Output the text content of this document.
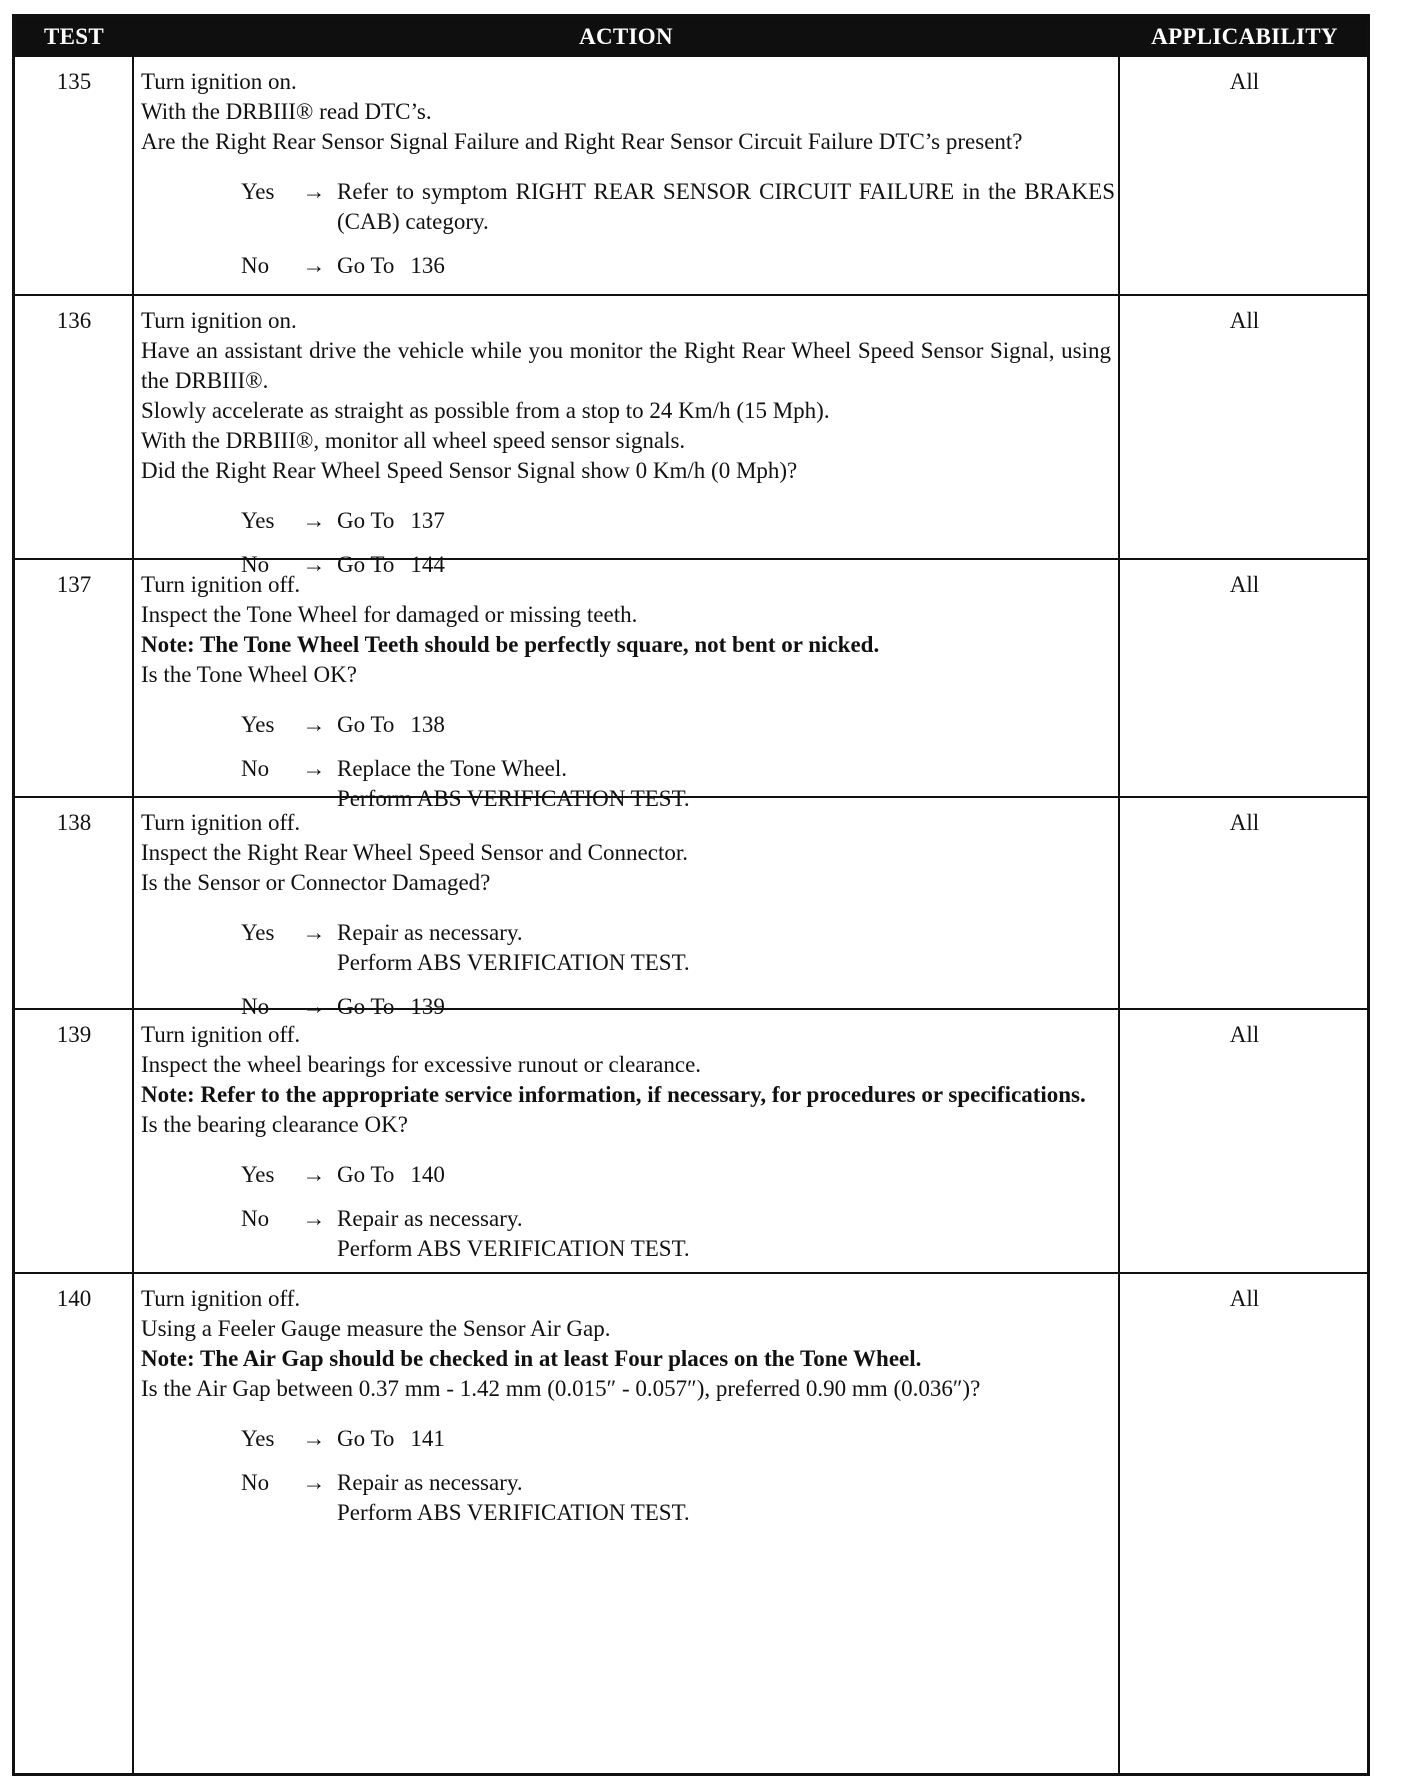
TEST	ACTION	APPLICABILITY
135	Turn ignition on.

With the DRBIII® read DTC’s.

Are the Right Rear Sensor Signal Failure and Right Rear Sensor Circuit Failure DTC’s present?

Yes → Refer to symptom RIGHT REAR SENSOR CIRCUIT FAILURE in the BRAKES (CAB) category.
No → Go To 136
All
136	Turn ignition on.

Have an assistant drive the vehicle while you monitor the Right Rear Wheel Speed Sensor Signal, using the DRBIII®.

Slowly accelerate as straight as possible from a stop to 24 Km/h (15 Mph).

With the DRBIII®, monitor all wheel speed sensor signals.

Did the Right Rear Wheel Speed Sensor Signal show 0 Km/h (0 Mph)?

Yes → Go To 137
No → Go To 144
All
137	Turn ignition off.

Inspect the Tone Wheel for damaged or missing teeth.

Note: The Tone Wheel Teeth should be perfectly square, not bent or nicked.

Is the Tone Wheel OK?

Yes → Go To 138
No → Replace the Tone Wheel.
Perform ABS VERIFICATION TEST.
All
138	Turn ignition off.

Inspect the Right Rear Wheel Speed Sensor and Connector.

Is the Sensor or Connector Damaged?

Yes → Repair as necessary.
Perform ABS VERIFICATION TEST.
No → Go To 139
All
139	Turn ignition off.

Inspect the wheel bearings for excessive runout or clearance.

Note: Refer to the appropriate service information, if necessary, for procedures or specifications.

Is the bearing clearance OK?

Yes → Go To 140
No → Repair as necessary.
Perform ABS VERIFICATION TEST.
All
140	Turn ignition off.

Using a Feeler Gauge measure the Sensor Air Gap.

Note: The Air Gap should be checked in at least Four places on the Tone Wheel.

Is the Air Gap between 0.37 mm - 1.42 mm (0.015″ - 0.057″), preferred 0.90 mm (0.036″)?

Yes → Go To 141
No → Repair as necessary.
Perform ABS VERIFICATION TEST.
All
